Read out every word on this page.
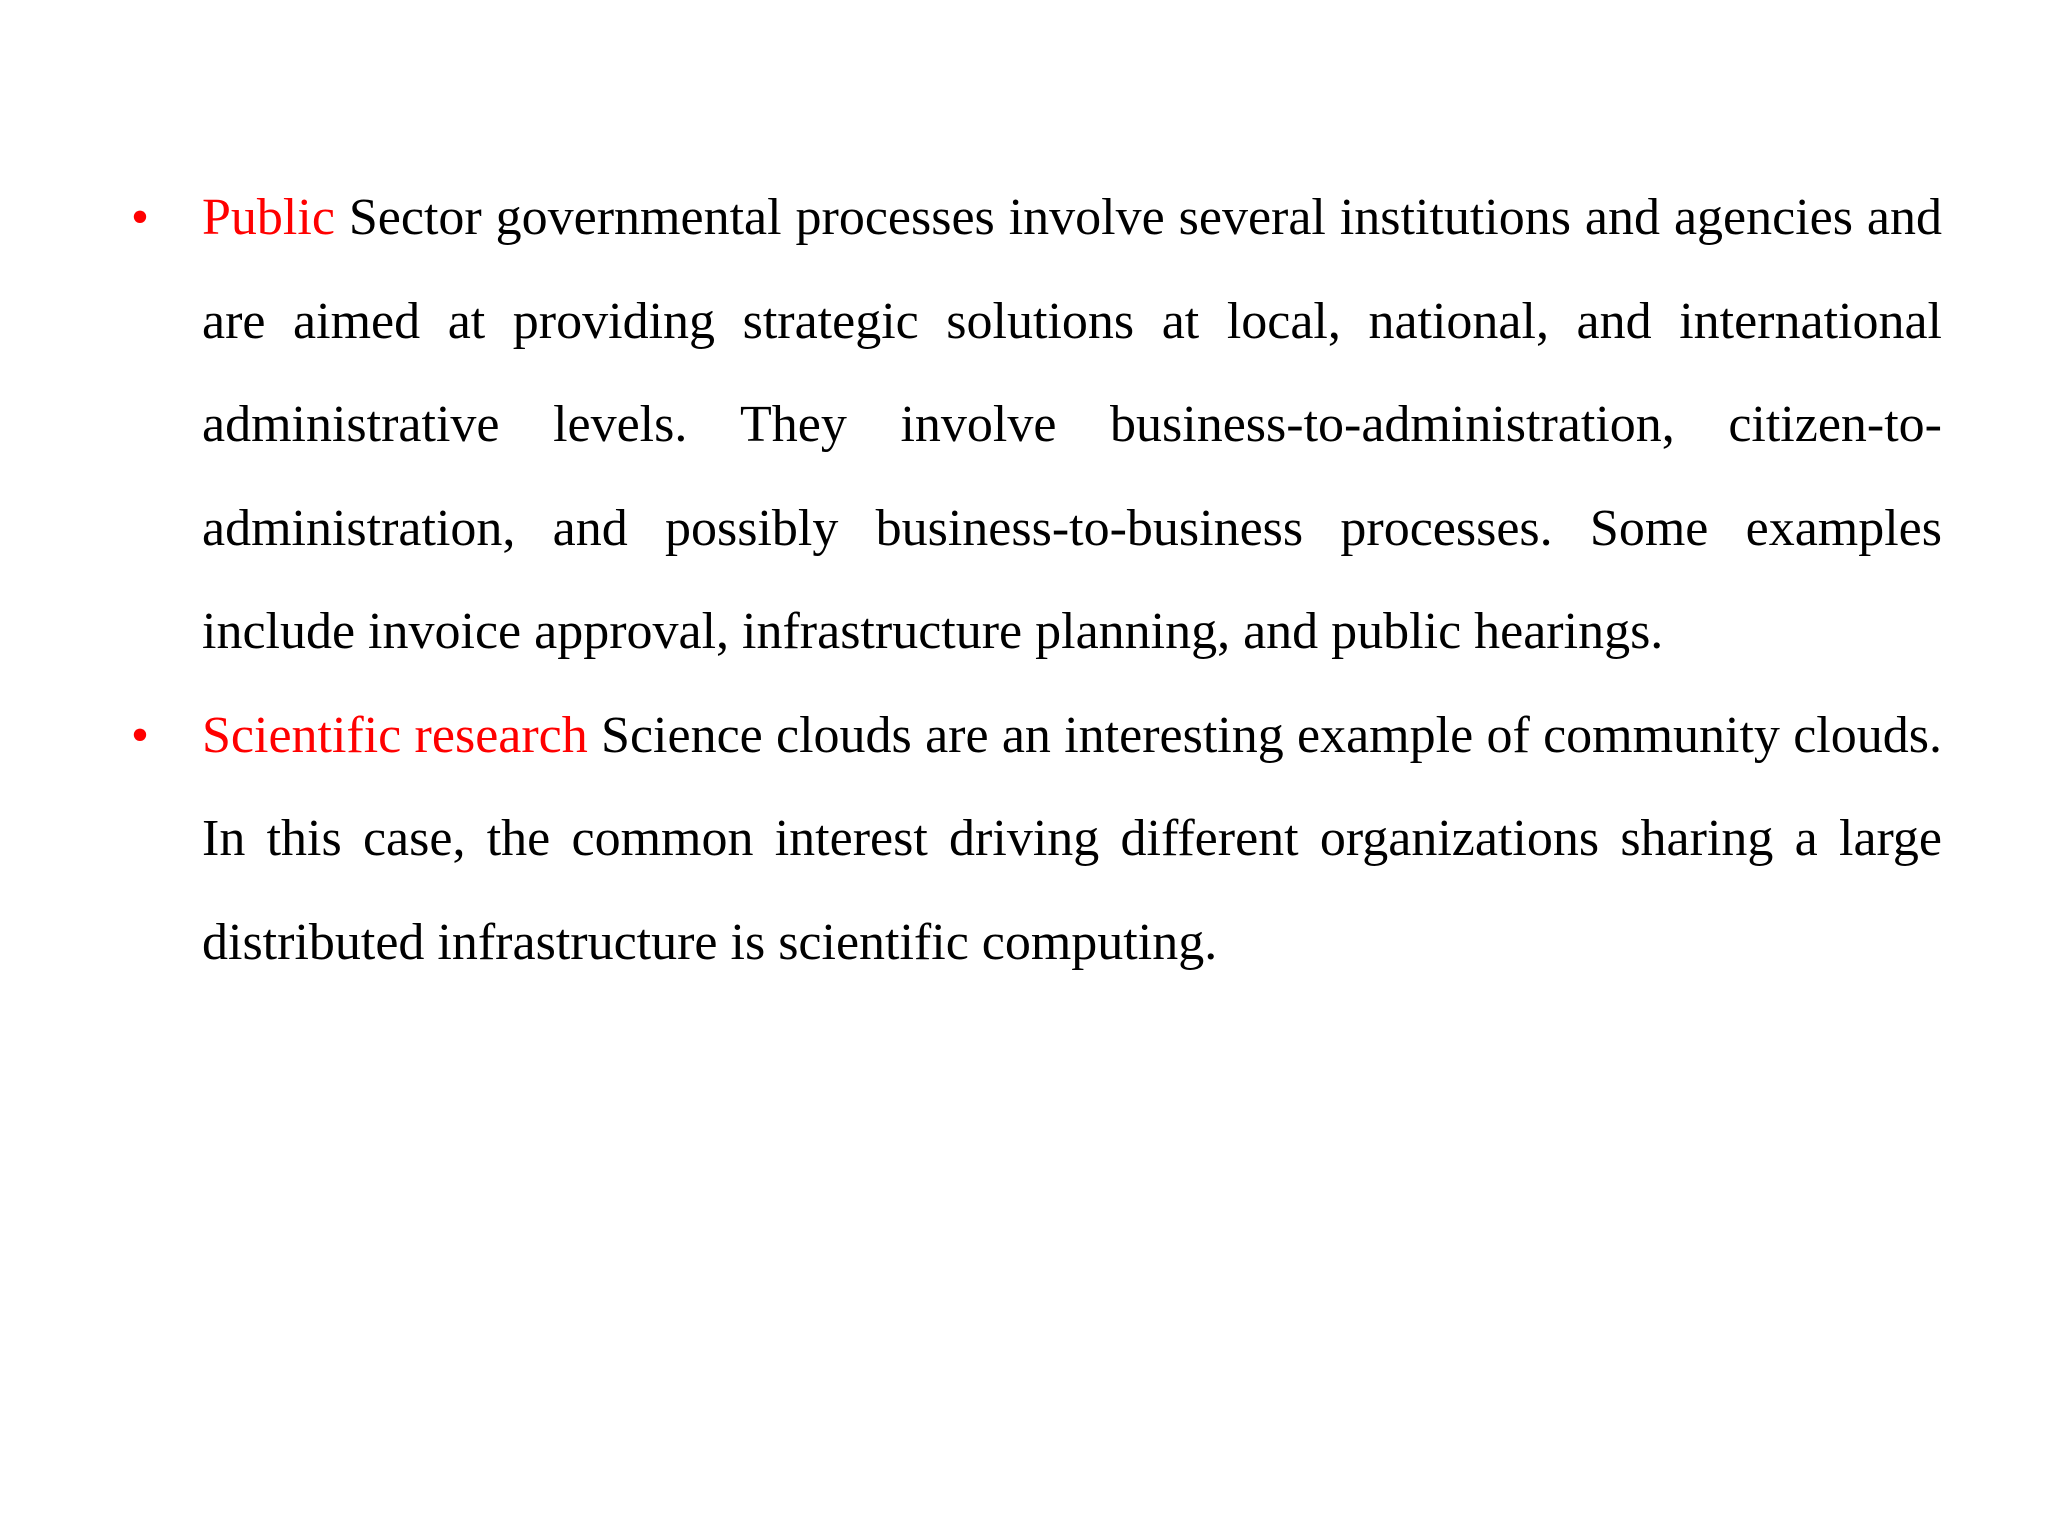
• Public Sector governmental processes involve several institutions and agencies and are aimed at providing strategic solutions at local, national, and international administrative levels. They involve business-to-administration, citizen-to-administration, and possibly business-to-business processes. Some examples include invoice approval, infrastructure planning, and public hearings.
• Scientific research Science clouds are an interesting example of community clouds. In this case, the common interest driving different organizations sharing a large distributed infrastructure is scientific computing.
